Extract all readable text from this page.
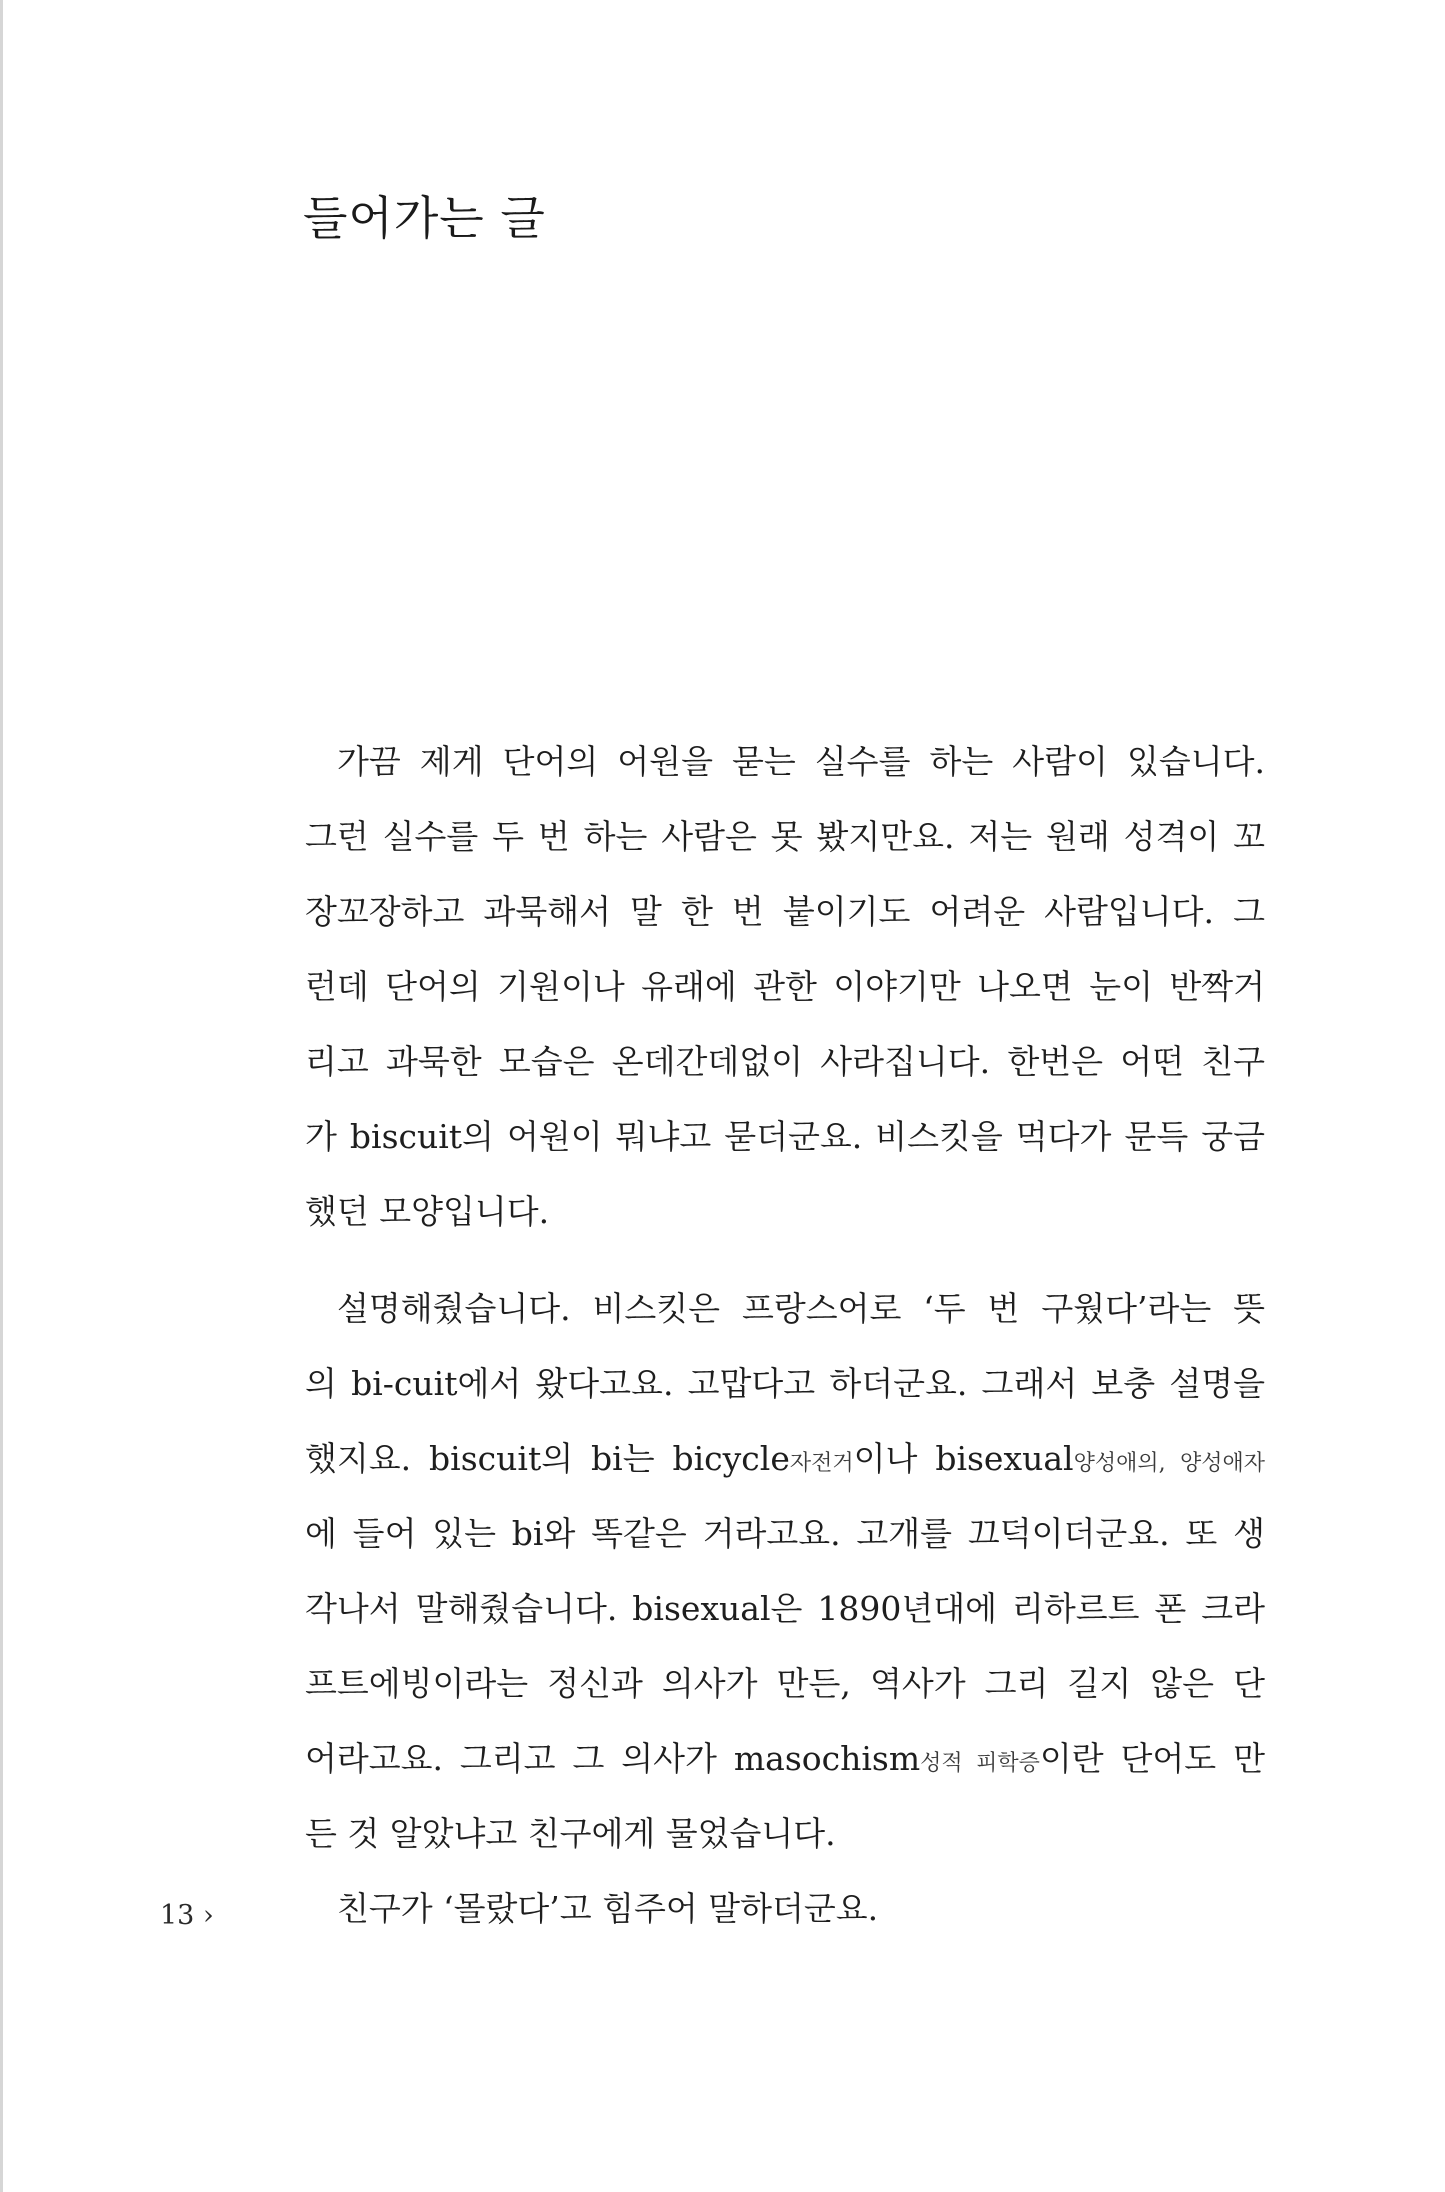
들어가는 글
가끔 제게 단어의 어원을 묻는 실수를 하는 사람이 있습니다.
그런 실수를 두 번 하는 사람은 못 봤지만요. 저는 원래 성격이 꼬
장꼬장하고 과묵해서 말 한 번 붙이기도 어려운 사람입니다. 그
런데 단어의 기원이나 유래에 관한 이야기만 나오면 눈이 반짝거
리고 과묵한 모습은 온데간데없이 사라집니다. 한번은 어떤 친구
가 biscuit의 어원이 뭐냐고 묻더군요. 비스킷을 먹다가 문득 궁금
했던 모양입니다.
설명해줬습니다. 비스킷은 프랑스어로 ‘두 번 구웠다’라는 뜻
의 bi-cuit에서 왔다고요. 고맙다고 하더군요. 그래서 보충 설명을
했지요. biscuit의 bi는 bicycle자전거이나 bisexual양성애의, 양성애자
에 들어 있는 bi와 똑같은 거라고요. 고개를 끄덕이더군요. 또 생
각나서 말해줬습니다. bisexual은 1890년대에 리하르트 폰 크라
프트에빙이라는 정신과 의사가 만든, 역사가 그리 길지 않은 단
어라고요. 그리고 그 의사가 masochism성적 피학증이란 단어도 만
든 것 알았냐고 친구에게 물었습니다.
친구가 ‘몰랐다’고 힘주어 말하더군요.
13 ›
